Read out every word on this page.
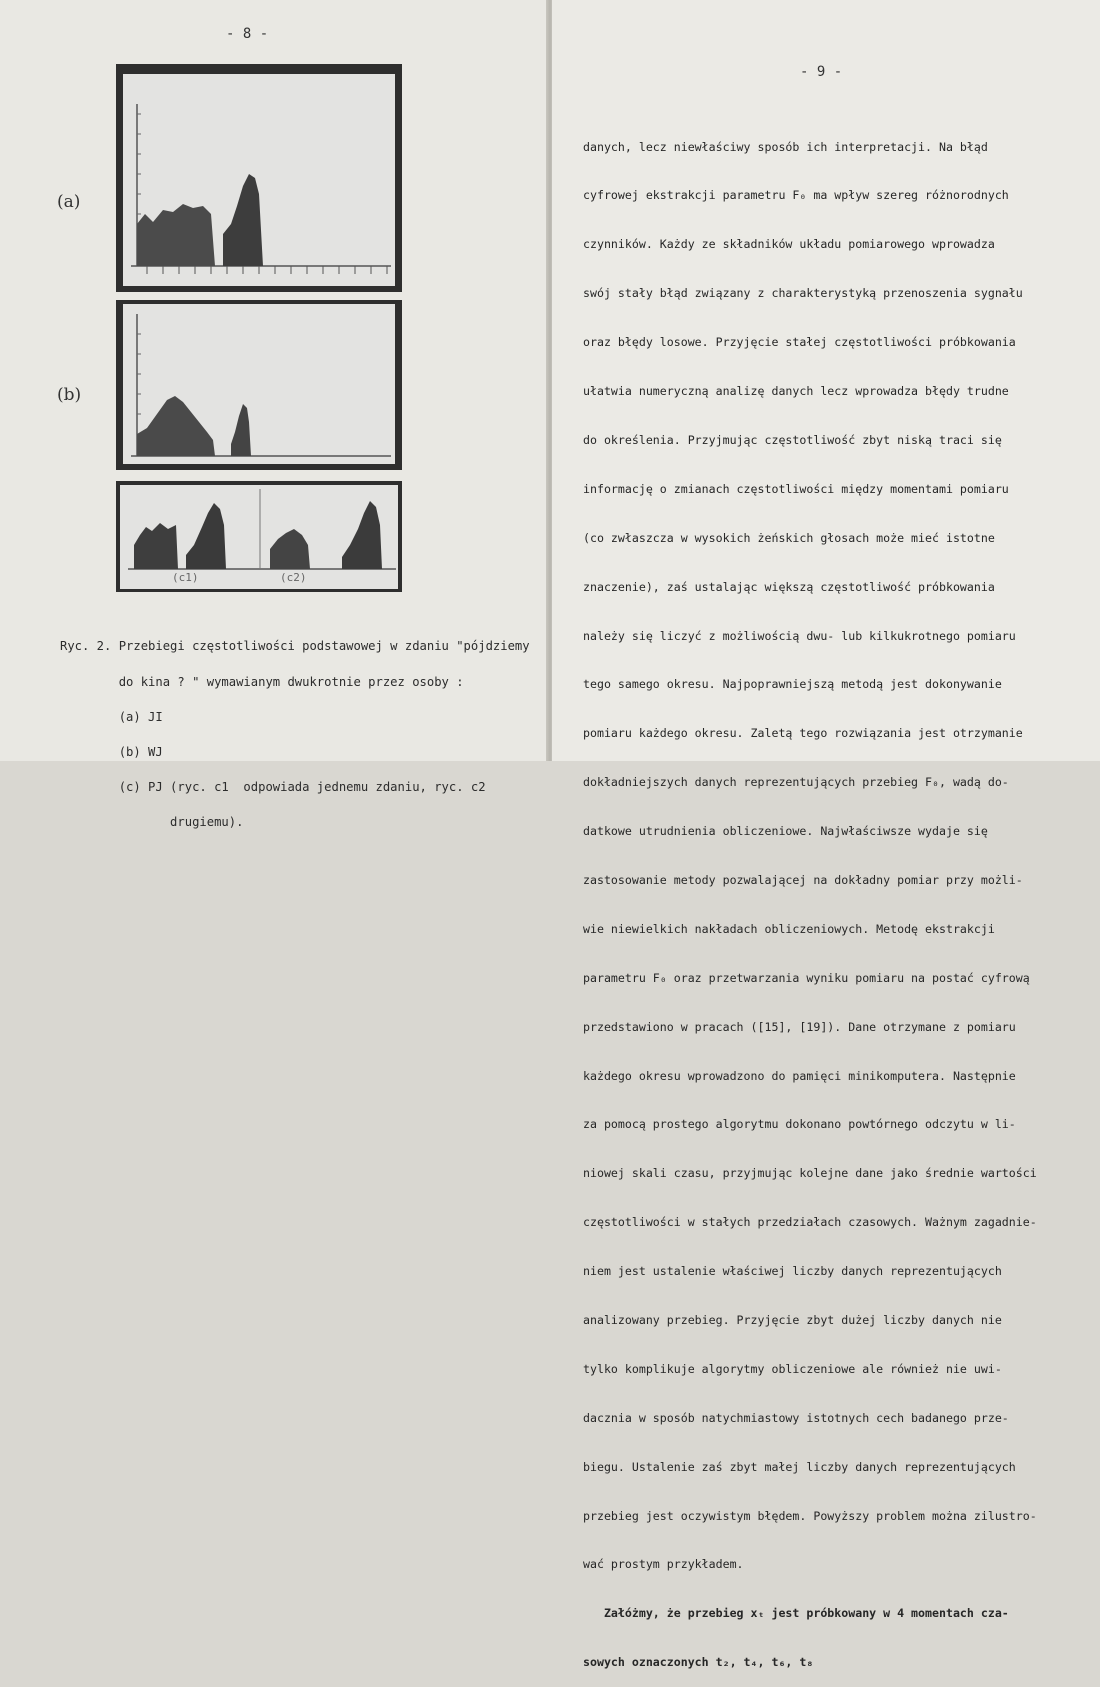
- 8 -
(a)
(b)
(c1)	(c2)

Ryc. 2. Przebiegi częstotliwości podstawowej w zdaniu "pójdziemy

do kina ? " wymawianym dwukrotnie przez osoby :

(a) JI

(b) WJ

(c) PJ (ryc. c1  odpowiada jednemu zdaniu, ryc. c2

drugiemu).

- 9 -

danych, lecz niewłaściwy sposób ich interpretacji. Na błąd

cyfrowej ekstrakcji parametru F₀ ma wpływ szereg różnorodnych

czynników. Każdy ze składników układu pomiarowego wprowadza

swój stały błąd związany z charakterystyką przenoszenia sygnału

oraz błędy losowe. Przyjęcie stałej częstotliwości próbkowania

ułatwia numeryczną analizę danych lecz wprowadza błędy trudne

do określenia. Przyjmując częstotliwość zbyt niską traci się

informację o zmianach częstotliwości między momentami pomiaru

(co zwłaszcza w wysokich żeńskich głosach może mieć istotne

znaczenie), zaś ustalając większą częstotliwość próbkowania

należy się liczyć z możliwością dwu- lub kilkukrotnego pomiaru

tego samego okresu. Najpoprawniejszą metodą jest dokonywanie

pomiaru każdego okresu. Zaletą tego rozwiązania jest otrzymanie

dokładniejszych danych reprezentujących przebieg F₀, wadą do-

datkowe utrudnienia obliczeniowe. Najwłaściwsze wydaje się

zastosowanie metody pozwalającej na dokładny pomiar przy możli-

wie niewielkich nakładach obliczeniowych. Metodę ekstrakcji

parametru F₀ oraz przetwarzania wyniku pomiaru na postać cyfrową

przedstawiono w pracach ([15], [19]). Dane otrzymane z pomiaru

każdego okresu wprowadzono do pamięci minikomputera. Następnie

za pomocą prostego algorytmu dokonano powtórnego odczytu w li-

niowej skali czasu, przyjmując kolejne dane jako średnie wartości

częstotliwości w stałych przedziałach czasowych. Ważnym zagadnie-

niem jest ustalenie właściwej liczby danych reprezentujących

analizowany przebieg. Przyjęcie zbyt dużej liczby danych nie

tylko komplikuje algorytmy obliczeniowe ale również nie uwi-

dacznia w sposób natychmiastowy istotnych cech badanego prze-

biegu. Ustalenie zaś zbyt małej liczby danych reprezentujących

przebieg jest oczywistym błędem. Powyższy problem można zilustro-

wać prostym przykładem.

Załóżmy, że przebieg xₜ jest próbkowany w 4 momentach cza-

sowych oznaczonych t₂, t₄, t₆, t₈
